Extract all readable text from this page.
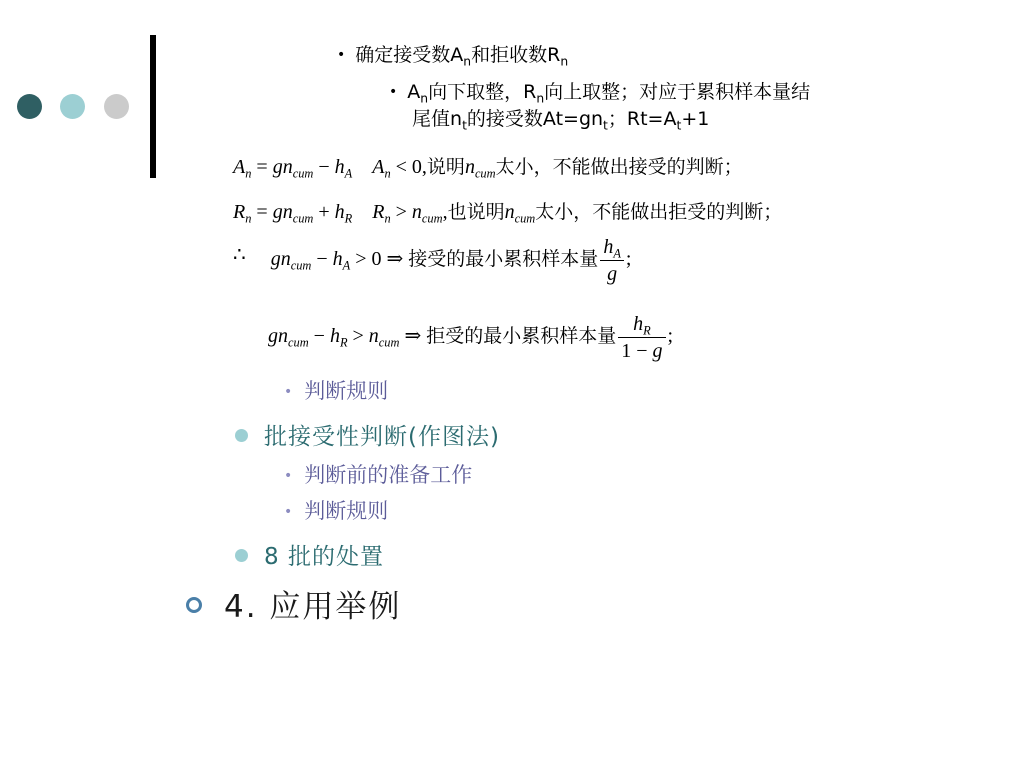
• 确定接受数$A_n$和拒收数$R_n$
• $A_n$向下取整，$R_n$向上取整；对应于累积样本量结
尾值$n_t$的接受数$At=gn_t$；$Rt=A_t+1$
$A_n = gn_{cum} - h_A$ $A_n < 0$,说明$n_{cum}$太小，不能做出接受的判断；
$R_n = gn_{cum} + h_R$ $R_n > n_{cum}$,也说明$n_{cum}$太小，不能做出拒受的判断；
∴ $gn_{cum} - h_A > 0$ ⇒ 接受的最小累积样本量 $\frac{h_A}{g}$ ;
$gn_{cum} - h_R > n_{cum}$ ⇒ 拒受的最小累积样本量 $\frac{h_R}{1 - g}$ ;
• 判断规则
批接受性判断(作图法)
• 判断前的准备工作
• 判断规则
8 批的处置
4. 应用举例
